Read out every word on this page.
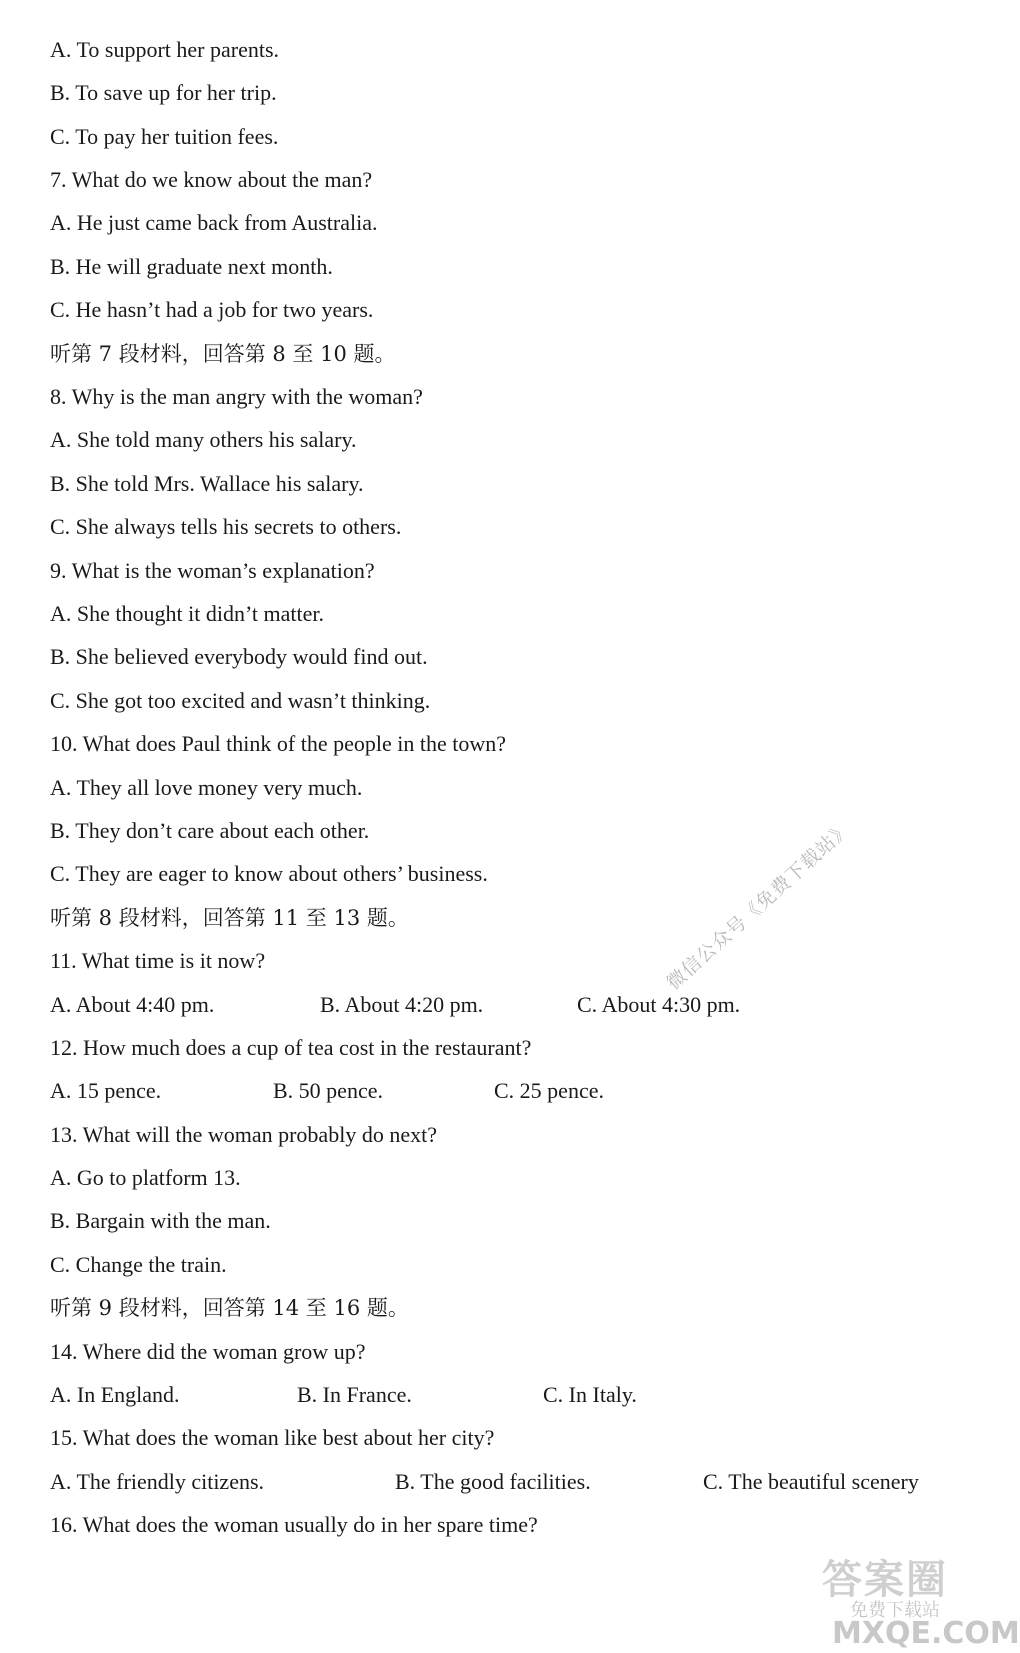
A. To support her parents.
B. To save up for her trip.
C. To pay her tuition fees.
7. What do we know about the man?
A. He just came back from Australia.
B. He will graduate next month.
C. He hasn’t had a job for two years.
听第 7 段材料，回答第 8 至 10 题。
8. Why is the man angry with the woman?
A. She told many others his salary.
B. She told Mrs. Wallace his salary.
C. She always tells his secrets to others.
9. What is the woman’s explanation?
A. She thought it didn’t matter.
B. She believed everybody would find out.
C. She got too excited and wasn’t thinking.
10. What does Paul think of the people in the town?
A. They all love money very much.
B. They don’t care about each other.
C. They are eager to know about others’ business.
听第 8 段材料，回答第 11 至 13 题。
11. What time is it now?
A. About 4:40 pm.	B. About 4:20 pm.	C. About 4:30 pm.
12. How much does a cup of tea cost in the restaurant?
A. 15 pence.	B. 50 pence.	C. 25 pence.
13. What will the woman probably do next?
A. Go to platform 13.
B. Bargain with the man.
C. Change the train.
听第 9 段材料，回答第 14 至 16 题。
14. Where did the woman grow up?
A. In England.	B. In France.	C. In Italy.
15. What does the woman like best about her city?
A. The friendly citizens.	B. The good facilities.	C. The beautiful scenery
16. What does the woman usually do in her spare time?
微信公众号《免费下载站》
答案圈
免费下载站
MXQE.COM
